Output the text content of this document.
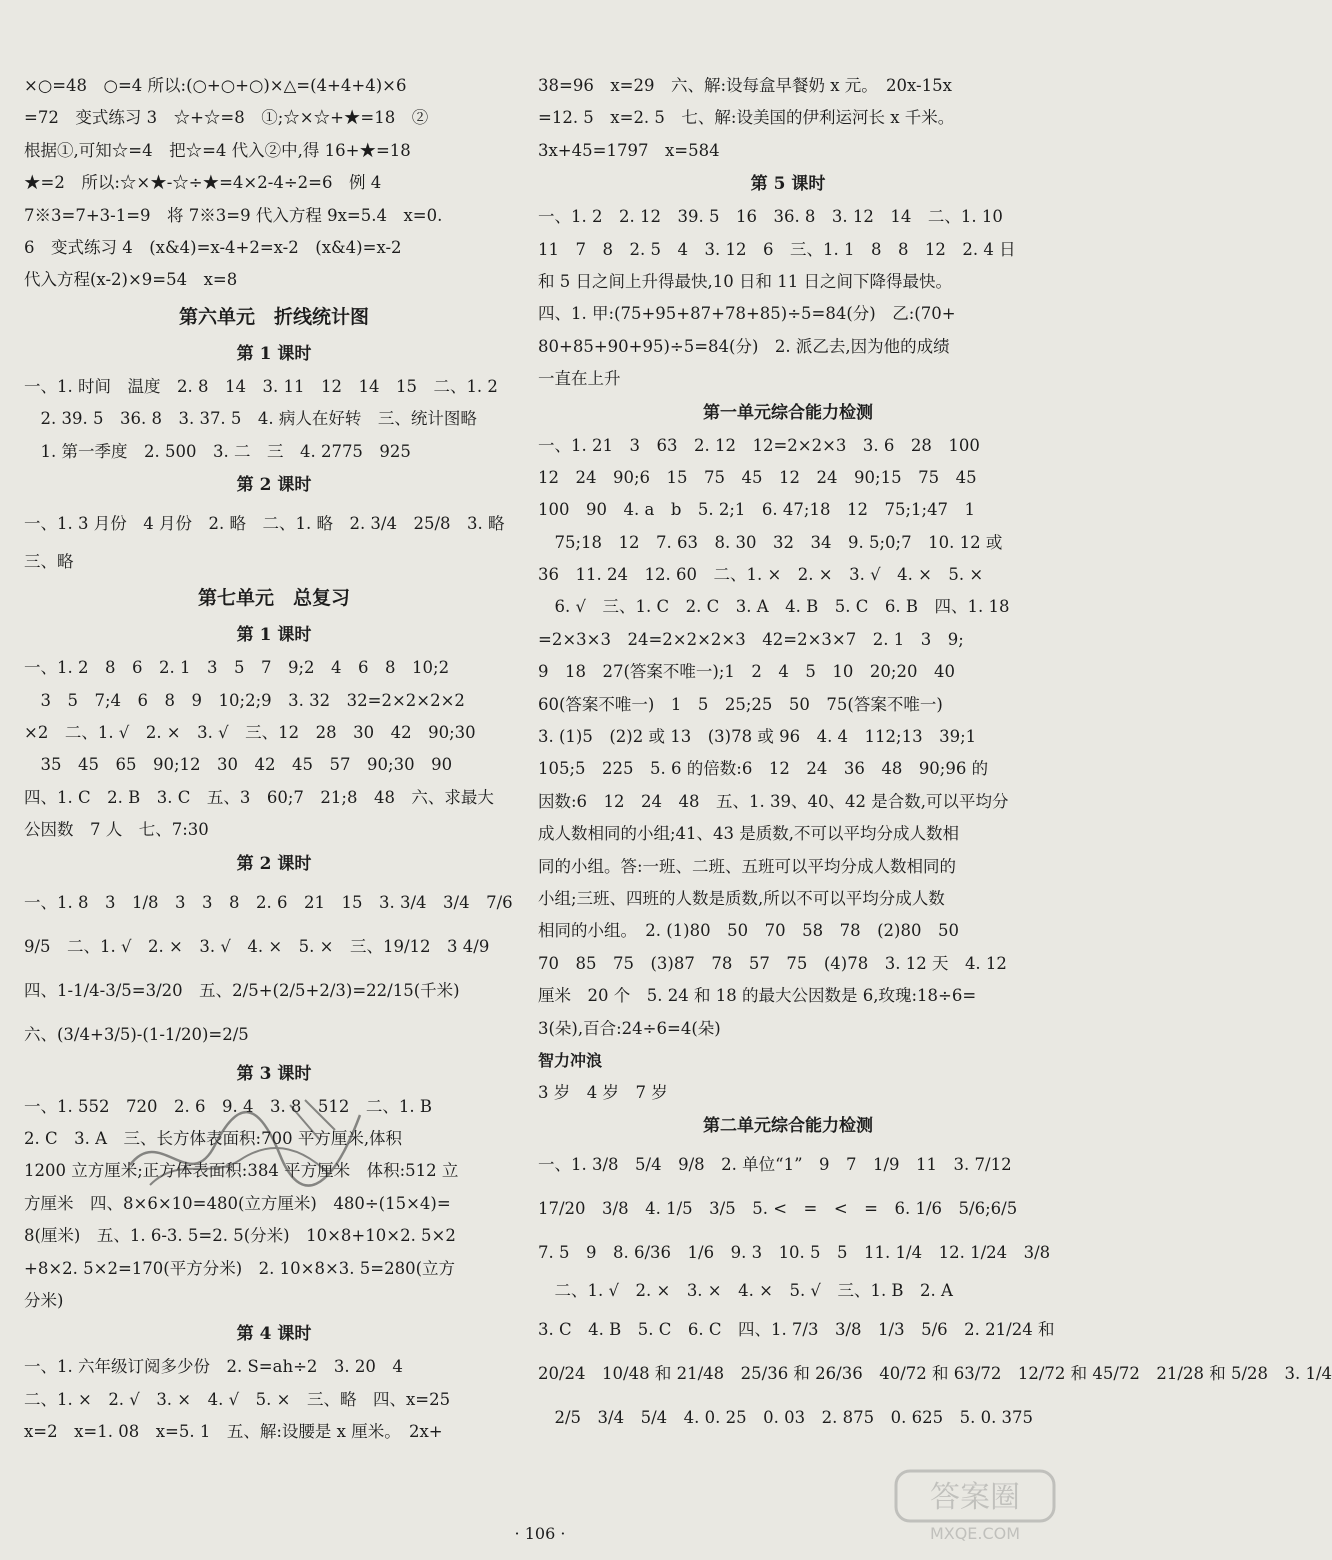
×○=48　○=4 所以:(○+○+○)×△=(4+4+4)×6
=72　变式练习 3　☆+☆=8　①;☆×☆+★=18　②
根据①,可知☆=4　把☆=4 代入②中,得 16+★=18
★=2　所以:☆×★-☆÷★=4×2-4÷2=6　例 4
7※3=7+3-1=9　将 7※3=9 代入方程 9x=5.4　x=0.
6　变式练习 4　(x&4)=x-4+2=x-2　(x&4)=x-2
代入方程(x-2)×9=54　x=8
第六单元　折线统计图
第 1 课时
一、1. 时间　温度　2. 8　14　3. 11　12　14　15　二、1. 2
　2. 39. 5　36. 8　3. 37. 5　4. 病人在好转　三、统计图略
　1. 第一季度　2. 500　3. 二　三　4. 2775　925
第 2 课时
一、1. 3 月份　4 月份　2. 略　二、1. 略　2. 3/4　25/8　3. 略
三、略
第七单元　总复习
第 1 课时
一、1. 2　8　6　2. 1　3　5　7　9;2　4　6　8　10;2
　3　5　7;4　6　8　9　10;2;9　3. 32　32=2×2×2×2
×2　二、1. √　2. ×　3. √　三、12　28　30　42　90;30
　35　45　65　90;12　30　42　45　57　90;30　90
四、1. C　2. B　3. C　五、3　60;7　21;8　48　六、求最大
公因数　7 人　七、7:30
第 2 课时
一、1. 8　3　1/8　3　3　8　2. 6　21　15　3. 3/4　3/4　7/6
9/5　二、1. √　2. ×　3. √　4. ×　5. ×　三、19/12　3 4/9
四、1-1/4-3/5=3/20　五、2/5+(2/5+2/3)=22/15(千米)
六、(3/4+3/5)-(1-1/20)=2/5
第 3 课时
一、1. 552　720　2. 6　9. 4　3. 8　512　二、1. B
2. C　3. A　三、长方体表面积:700 平方厘米,体积
1200 立方厘米;正方体表面积:384 平方厘米　体积:512 立
方厘米　四、8×6×10=480(立方厘米)　480÷(15×4)=
8(厘米)　五、1. 6-3. 5=2. 5(分米)　10×8+10×2. 5×2
+8×2. 5×2=170(平方分米)　2. 10×8×3. 5=280(立方
分米)
第 4 课时
一、1. 六年级订阅多少份　2. S=ah÷2　3. 20　4
二、1. ×　2. √　3. ×　4. √　5. ×　三、略　四、x=25
x=2　x=1. 08　x=5. 1　五、解:设腰是 x 厘米。　2x+
38=96　x=29　六、解:设每盒早餐奶 x 元。　20x-15x
=12. 5　x=2. 5　七、解:设美国的伊利运河长 x 千米。
3x+45=1797　x=584
第 5 课时
一、1. 2　2. 12　39. 5　16　36. 8　3. 12　14　二、1. 10
11　7　8　2. 5　4　3. 12　6　三、1. 1　8　8　12　2. 4 日
和 5 日之间上升得最快,10 日和 11 日之间下降得最快。
四、1. 甲:(75+95+87+78+85)÷5=84(分)　乙:(70+
80+85+90+95)÷5=84(分)　2. 派乙去,因为他的成绩
一直在上升
第一单元综合能力检测
一、1. 21　3　63　2. 12　12=2×2×3　3. 6　28　100
12　24　90;6　15　75　45　12　24　90;15　75　45
100　90　4. a　b　5. 2;1　6. 47;18　12　75;1;47　1
　75;18　12　7. 63　8. 30　32　34　9. 5;0;7　10. 12 或
36　11. 24　12. 60　二、1. ×　2. ×　3. √　4. ×　5. ×
　6. √　三、1. C　2. C　3. A　4. B　5. C　6. B　四、1. 18
=2×3×3　24=2×2×2×3　42=2×3×7　2. 1　3　9;
9　18　27(答案不唯一);1　2　4　5　10　20;20　40
60(答案不唯一)　1　5　25;25　50　75(答案不唯一)
3. (1)5　(2)2 或 13　(3)78 或 96　4. 4　112;13　39;1
105;5　225　5. 6 的倍数:6　12　24　36　48　90;96 的
因数:6　12　24　48　五、1. 39、40、42 是合数,可以平均分
成人数相同的小组;41、43 是质数,不可以平均分成人数相
同的小组。答:一班、二班、五班可以平均分成人数相同的
小组;三班、四班的人数是质数,所以不可以平均分成人数
相同的小组。　2. (1)80　50　70　58　78　(2)80　50
70　85　75　(3)87　78　57　75　(4)78　3. 12 天　4. 12
厘米　20 个　5. 24 和 18 的最大公因数是 6,玫瑰:18÷6=
3(朵),百合:24÷6=4(朵)
智力冲浪
3 岁　4 岁　7 岁
第二单元综合能力检测
一、1. 3/8　5/4　9/8　2. 单位“1”　9　7　1/9　11　3. 7/12
17/20　3/8　4. 1/5　3/5　5. <　=　<　=　6. 1/6　5/6;6/5
7. 5　9　8. 6/36　1/6　9. 3　10. 5　5　11. 1/4　12. 1/24　3/8
　二、1. √　2. ×　3. ×　4. ×　5. √　三、1. B　2. A
3. C　4. B　5. C　6. C　四、1. 7/3　3/8　1/3　5/6　2. 21/24 和
20/24　10/48 和 21/48　25/36 和 26/36　40/72 和 63/72　12/72 和 45/72　21/28 和 5/28　3. 1/4
　2/5　3/4　5/4　4. 0. 25　0. 03　2. 875　0. 625　5. 0. 375
· 106 ·
答案圈
MXQE.COM
